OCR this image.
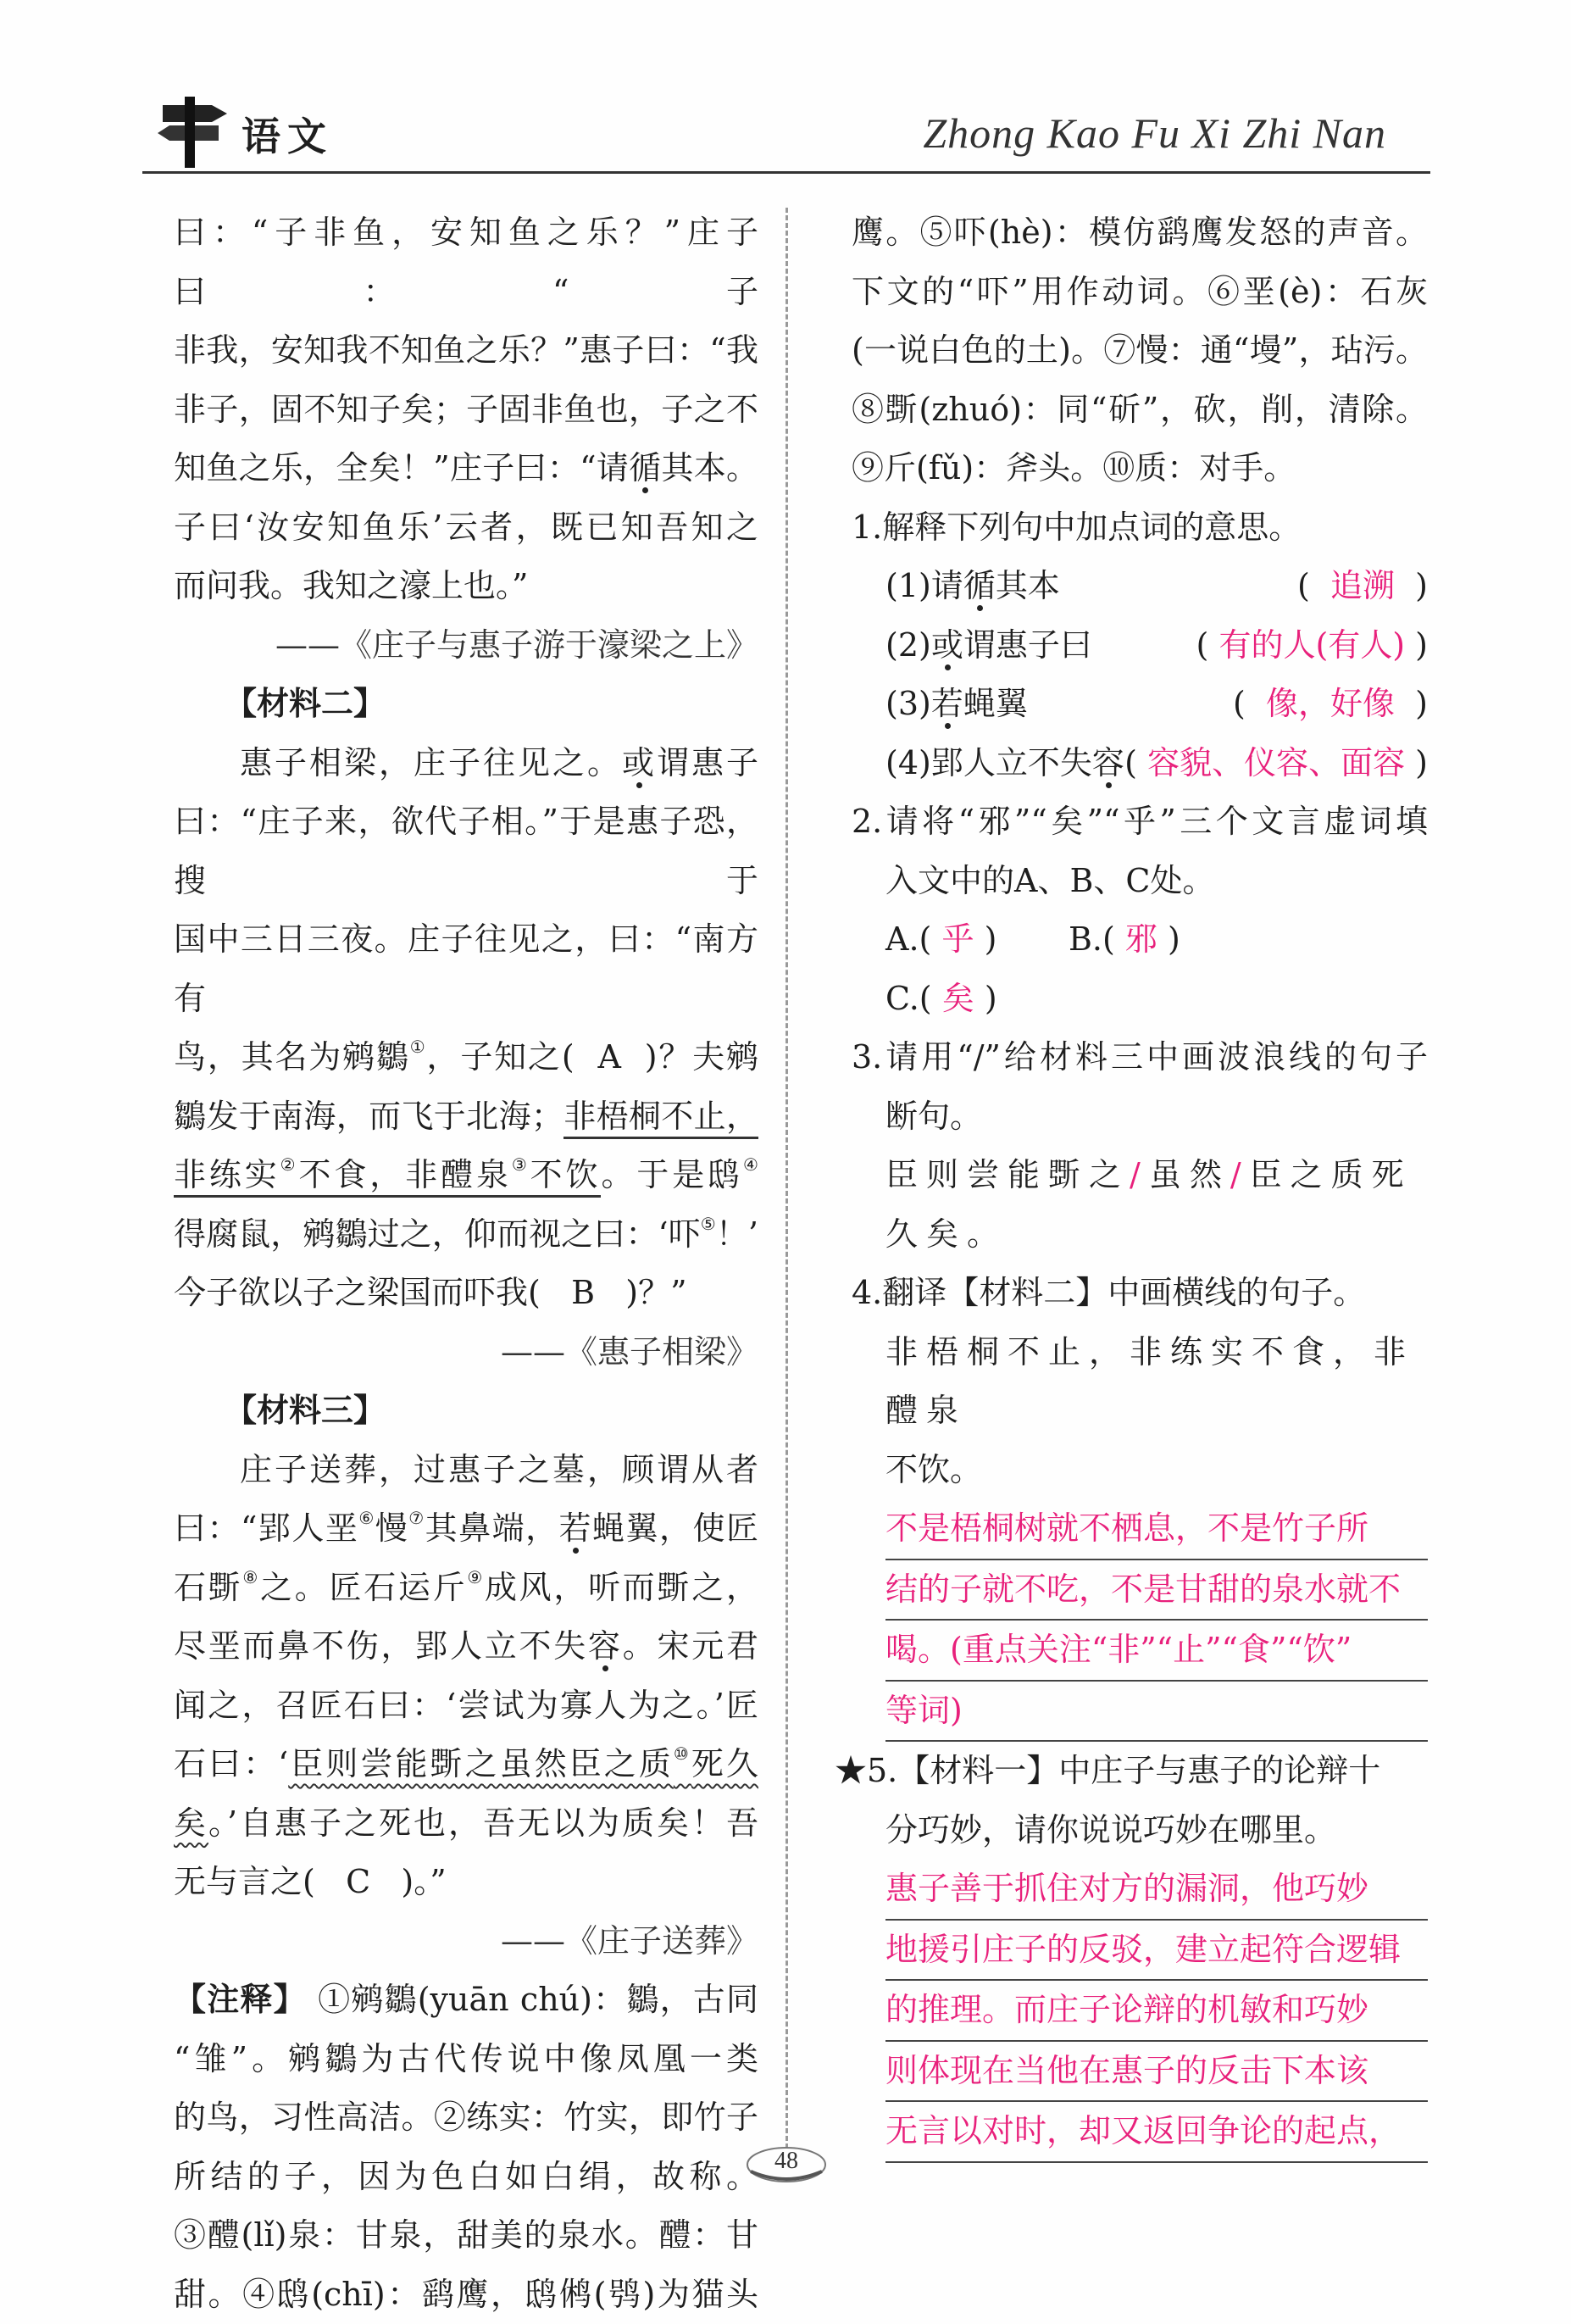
语文	Zhong Kao Fu Xi Zhi Nan

曰：“子非鱼，安知鱼之乐？”庄子曰：“子

非我，安知我不知鱼之乐？”惠子曰：“我

非子，固不知子矣；子固非鱼也，子之不

知鱼之乐，全矣！”庄子曰：“请循其本。

子曰‘汝安知鱼乐’云者，既已知吾知之

而问我。我知之濠上也。”

——《庄子与惠子游于濠梁之上》

【材料二】

惠子相梁，庄子往见之。或谓惠子

曰：“庄子来，欲代子相。”于是惠子恐，搜于

国中三日三夜。庄子往见之，曰：“南方有

鸟，其名为鹓鶵①，子知之(  A  )？夫鹓

鶵发于南海，而飞于北海；非梧桐不止，

非练实②不食，非醴泉③不饮。于是鸱④

得腐鼠，鹓鶵过之，仰而视之曰：‘吓⑤！’

今子欲以子之梁国而吓我(   B   )？”

——《惠子相梁》

【材料三】

庄子送葬，过惠子之墓，顾谓从者

曰：“郢人垩⑥慢⑦其鼻端，若蝇翼，使匠

石斲⑧之。匠石运斤⑨成风，听而斲之，

尽垩而鼻不伤，郢人立不失容。宋元君

闻之，召匠石曰：‘尝试为寡人为之。’匠

石曰：‘臣则尝能斲之虽然臣之质⑩死久

矣。’自惠子之死也，吾无以为质矣！吾

无与言之(   C   )。”

——《庄子送葬》

【注释】 ①鹓鶵(yuān chú)：鶵，古同

“雏”。鹓鶵为古代传说中像凤凰一类

的鸟，习性高洁。②练实：竹实，即竹子

所结的子，因为色白如白绢，故称。

③醴(lǐ)泉：甘泉，甜美的泉水。醴：甘

甜。④鸱(chī)：鹞鹰，鸱鸺(鸮)为猫头

鹰。⑤吓(hè)：模仿鹞鹰发怒的声音。

下文的“吓”用作动词。⑥垩(è)：石灰

(一说白色的土)。⑦慢：通“墁”，玷污。

⑧斲(zhuó)：同“斫”，砍，削，清除。

⑨斤(fǔ)：斧头。⑩质：对手。

1.解释下列句中加点词的意思。

(1)请循其本	(  追溯  )
(2)或谓惠子曰	( 有的人(有人) )
(3)若蝇翼	(  像，好像  )
(4)郢人立不失容 ( 容貌、仪容、面容 )

2.请将“邪”“矣”“乎”三个文言虚词填

入文中的A、B、C处。

A.( 乎 ) B.( 邪 )

C.( 矣 )

3.请用“/”给材料三中画波浪线的句子

断句。

臣则尝能斲之/虽然/臣之质死

久矣。

4.翻译【材料二】中画横线的句子。

非梧桐不止，非练实不食，非醴泉

不饮。

不是梧桐树就不栖息，不是竹子所
结的子就不吃，不是甘甜的泉水就不
喝。(重点关注“非”“止”“食”“饮”
等词)

★5.【材料一】中庄子与惠子的论辩十

分巧妙，请你说说巧妙在哪里。

惠子善于抓住对方的漏洞，他巧妙
地援引庄子的反驳，建立起符合逻辑
的推理。而庄子论辩的机敏和巧妙
则体现在当他在惠子的反击下本该
无言以对时，却又返回争论的起点，
48
